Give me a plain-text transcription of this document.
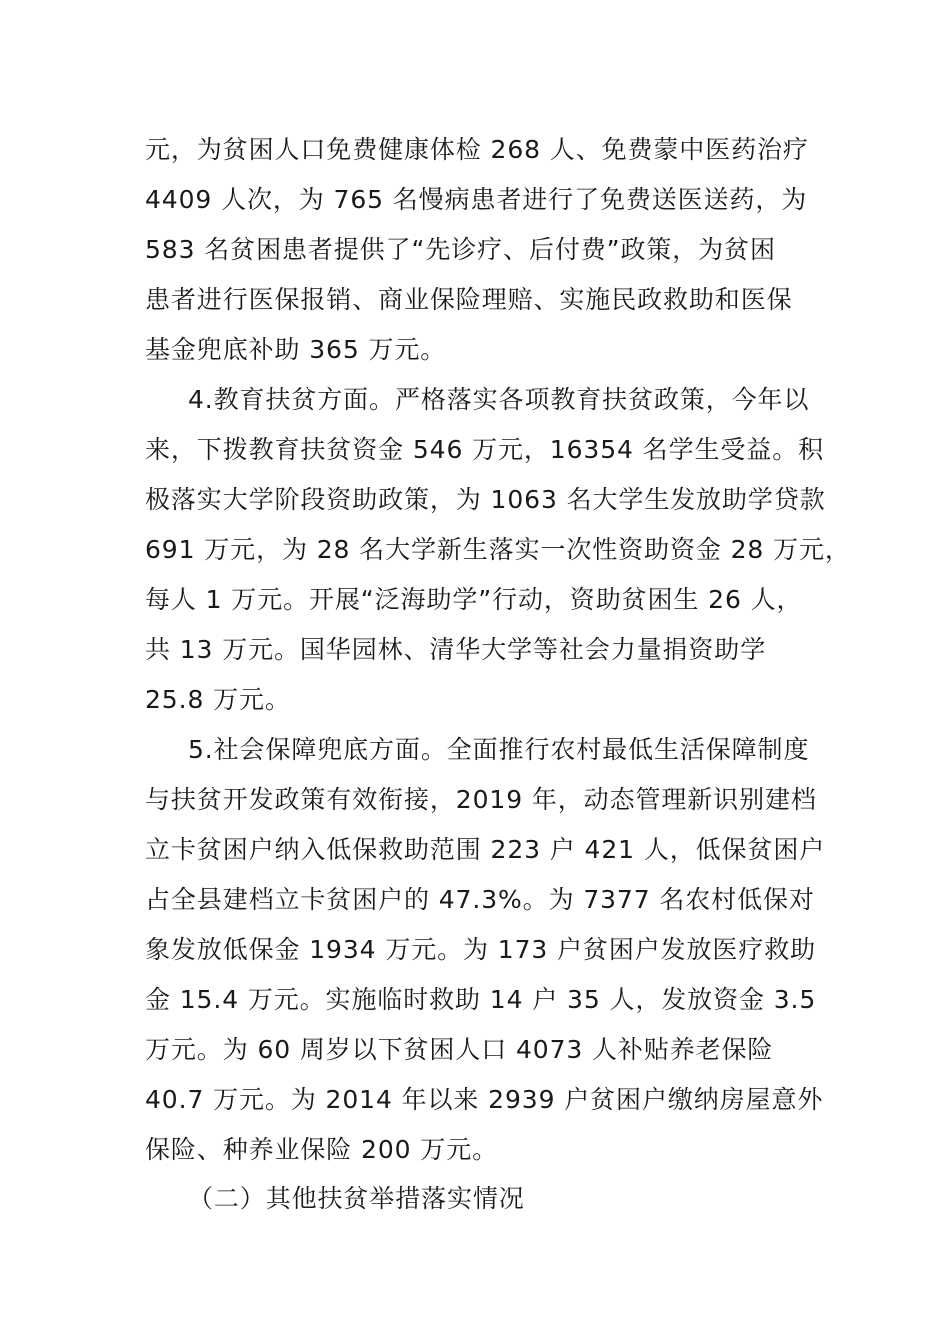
元，为贫困人口免费健康体检 268 人、免费蒙中医药治疗
4409 人次，为 765 名慢病患者进行了免费送医送药，为
583 名贫困患者提供了“先诊疗、后付费”政策，为贫困
患者进行医保报销、商业保险理赔、实施民政救助和医保
基金兜底补助 365 万元。
4.教育扶贫方面。严格落实各项教育扶贫政策，今年以
来，下拨教育扶贫资金 546 万元，16354 名学生受益。积
极落实大学阶段资助政策，为 1063 名大学生发放助学贷款
691 万元，为 28 名大学新生落实一次性资助资金 28 万元，
每人 1 万元。开展“泛海助学”行动，资助贫困生 26 人，
共 13 万元。国华园林、清华大学等社会力量捐资助学
25.8 万元。
5.社会保障兜底方面。全面推行农村最低生活保障制度
与扶贫开发政策有效衔接，2019 年，动态管理新识别建档
立卡贫困户纳入低保救助范围 223 户 421 人，低保贫困户
占全县建档立卡贫困户的 47.3%。为 7377 名农村低保对
象发放低保金 1934 万元。为 173 户贫困户发放医疗救助
金 15.4 万元。实施临时救助 14 户 35 人，发放资金 3.5
万元。为 60 周岁以下贫困人口 4073 人补贴养老保险
40.7 万元。为 2014 年以来 2939 户贫困户缴纳房屋意外
保险、种养业保险 200 万元。
（二）其他扶贫举措落实情况
